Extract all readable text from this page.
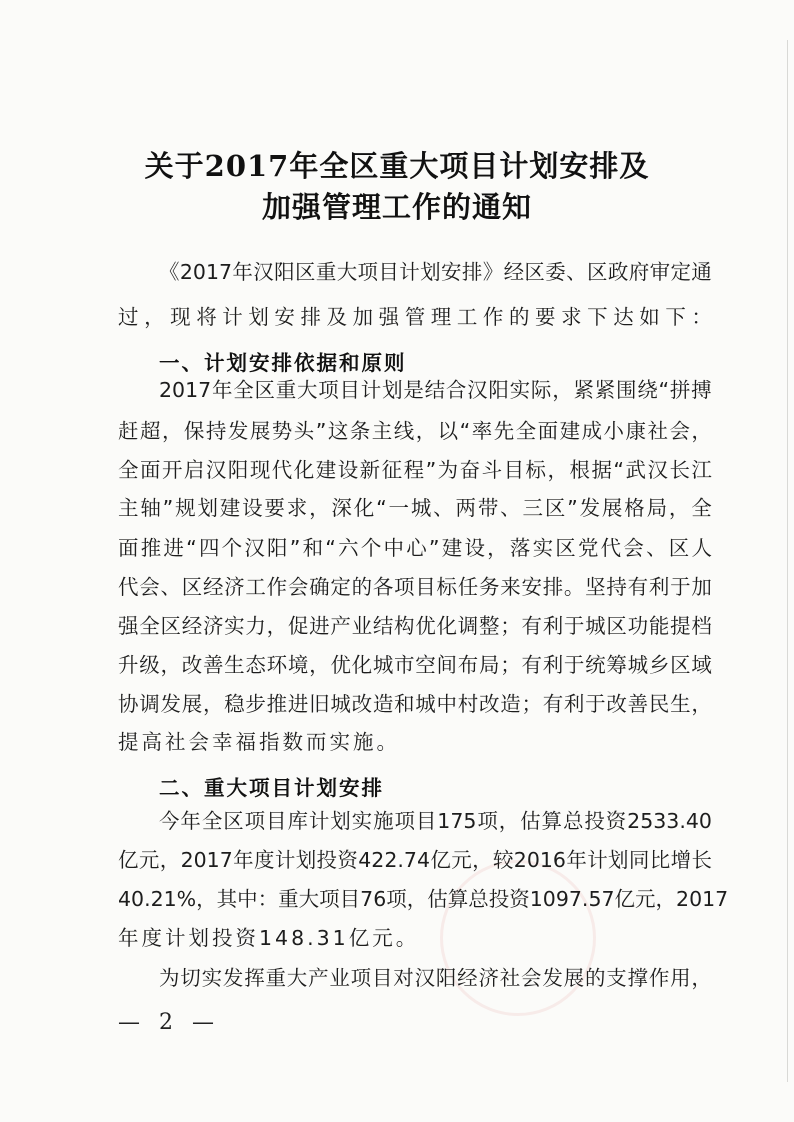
关于2017年全区重大项目计划安排及
加强管理工作的通知
《 2017 年 汉 阳 区 重 大 项 目 计 划 安 排 》 经 区 委 、 区 政 府 审 定 通
过 ， 现 将 计 划 安 排 及 加 强 管 理 工 作 的 要 求 下 达 如 下 ：
一、计划安排依据和原则
2017 年 全 区 重 大 项 目 计 划 是 结 合 汉 阳 实 际 ， 紧 紧 围 绕 “ 拼 搏
赶 超 ， 保 持 发 展 势 头 ” 这 条 主 线 ， 以 “ 率 先 全 面 建 成 小 康 社 会 ，
全 面 开 启 汉 阳 现 代 化 建 设 新 征 程 ” 为 奋 斗 目 标 ， 根 据 “ 武 汉 长 江
主 轴 ” 规 划 建 设 要 求 ， 深 化 “ 一 城 、 两 带 、 三 区 ” 发 展 格 局 ， 全
面 推 进 “ 四 个 汉 阳 ” 和 “ 六 个 中 心 ” 建 设 ， 落 实 区 党 代 会 、 区 人
代 会 、 区 经 济 工 作 会 确 定 的 各 项 目 标 任 务 来 安 排 。 坚 持 有 利 于 加
强 全 区 经 济 实 力 ， 促 进 产 业 结 构 优 化 调 整 ； 有 利 于 城 区 功 能 提 档
升 级 ， 改 善 生 态 环 境 ， 优 化 城 市 空 间 布 局 ； 有 利 于 统 筹 城 乡 区 域
协 调 发 展 ， 稳 步 推 进 旧 城 改 造 和 城 中 村 改 造 ； 有 利 于 改 善 民 生 ，
提高社会幸福指数而实施。
二、重大项目计划安排
今 年 全 区 项 目 库 计 划 实 施 项 目 175 项 ， 估 算 总 投 资 2533.40
亿 元 ， 2017 年 度 计 划 投 资 422.74 亿 元 ， 较 2016 年 计 划 同 比 增 长
40.21% ， 其 中 ： 重 大 项 目 76 项 ， 估 算 总 投 资 1097.57 亿 元 ， 2017
年度计划投资148.31亿元。
为 切 实 发 挥 重 大 产 业 项 目 对 汉 阳 经 济 社 会 发 展 的 支 撑 作 用 ，
— 2 —
